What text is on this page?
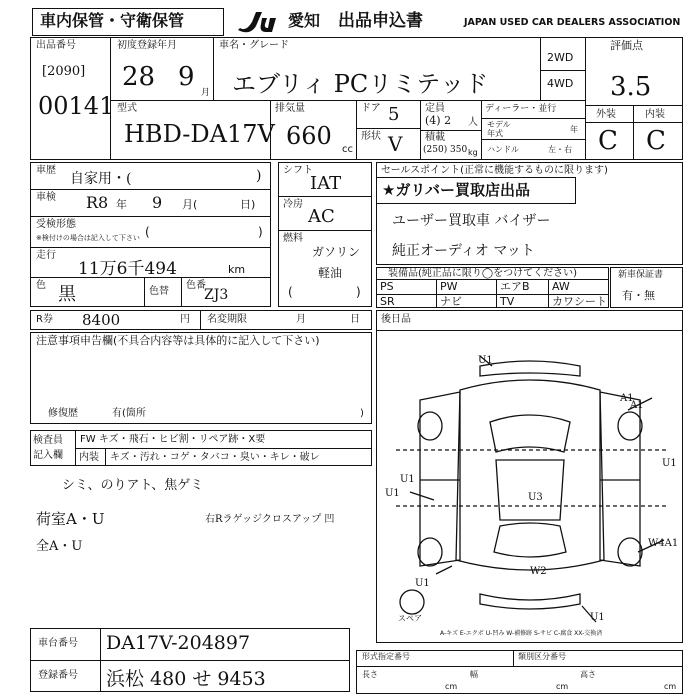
車内保管・守衛保管	愛知 出品申込書	JAPAN USED CAR DEALERS ASSOCIATION
出品番号
[2090]
00141
初度登録年月
28 9
月
車名・グレード
エブリィ PCリミテッド
2WD
4WD
評価点
3.5
外装	内装
C C
型式
HBD-DA17V
排気量
660 cc
ドア 5
形状 V
定員
(4) 2 人
積載
(250) 350 kg
ディーラー・並行
モデル
年式	年
ハンドル	左・右
車歴
自家用・(	)
車検 R8 年 9 月(	日)
受検形態
※検付けの場合は記入して下さい (	)
走行
11万6千494	km
色 黒	色替
色番
ZJ3
シフト
IAT
冷房
AC
燃料
ガソリン
軽油
(	)
セールスポイント(正常に機能するものに限ります)
★ガリバー買取店出品
ユーザー買取車 バイザー
純正オーディオ マット
装備品(純正品に限り◯をつけてください)
PS	PW	エアB AW
SR	ナビ	TV	カワシート
新車保証書
有・無
R券 8400	円 名変期限	月	日
注意事項申告欄(不具合内容等は具体的に記入して下さい)
修復歴	有(箇所	)
検査員
記入欄
FW キズ・飛石・ヒビ割・リペア跡・X要
内装 キズ・汚れ・コゲ・タバコ・臭い・キレ・破レ
シミ、のりアト、焦ゲミ
荷室A・U	右Rラゲッジクロスアップ 凹
全A・U
後日品
U1
A1
U1	U3
U1
W2
U1
U1
A1
W4A1
U1
スペア
A-キズ E-エクボ U-凹み W-補修跡 S-サビ C-腐食 XX-交換済
車台番号 DA17V-204897
登録番号 浜松 480 せ 9453
形式指定番号	類別区分番号
長さ	幅	高さ
cm	cm	cm
